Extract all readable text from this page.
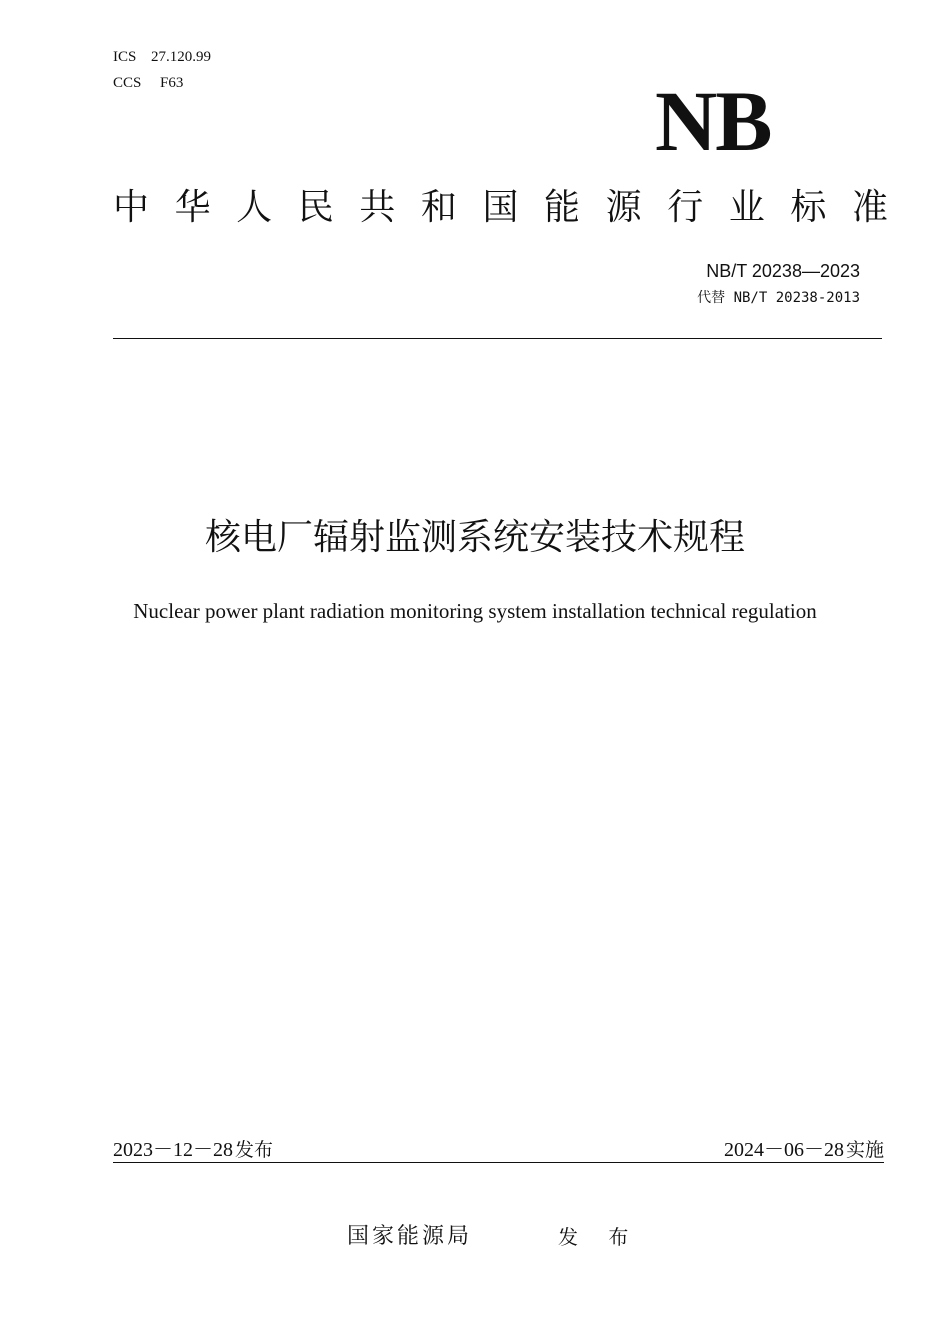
ICS 27.120.99
CCS F63	NB
中 华 人 民 共 和 国 能 源 行 业 标 准
NB/T 20238—2023
代替 NB/T 20238-2013
核电厂辐射监测系统安装技术规程
Nuclear power plant radiation monitoring system installation technical regulation
2023－12－28 发布	2024－06－28 实施
国家能源局	发 布
